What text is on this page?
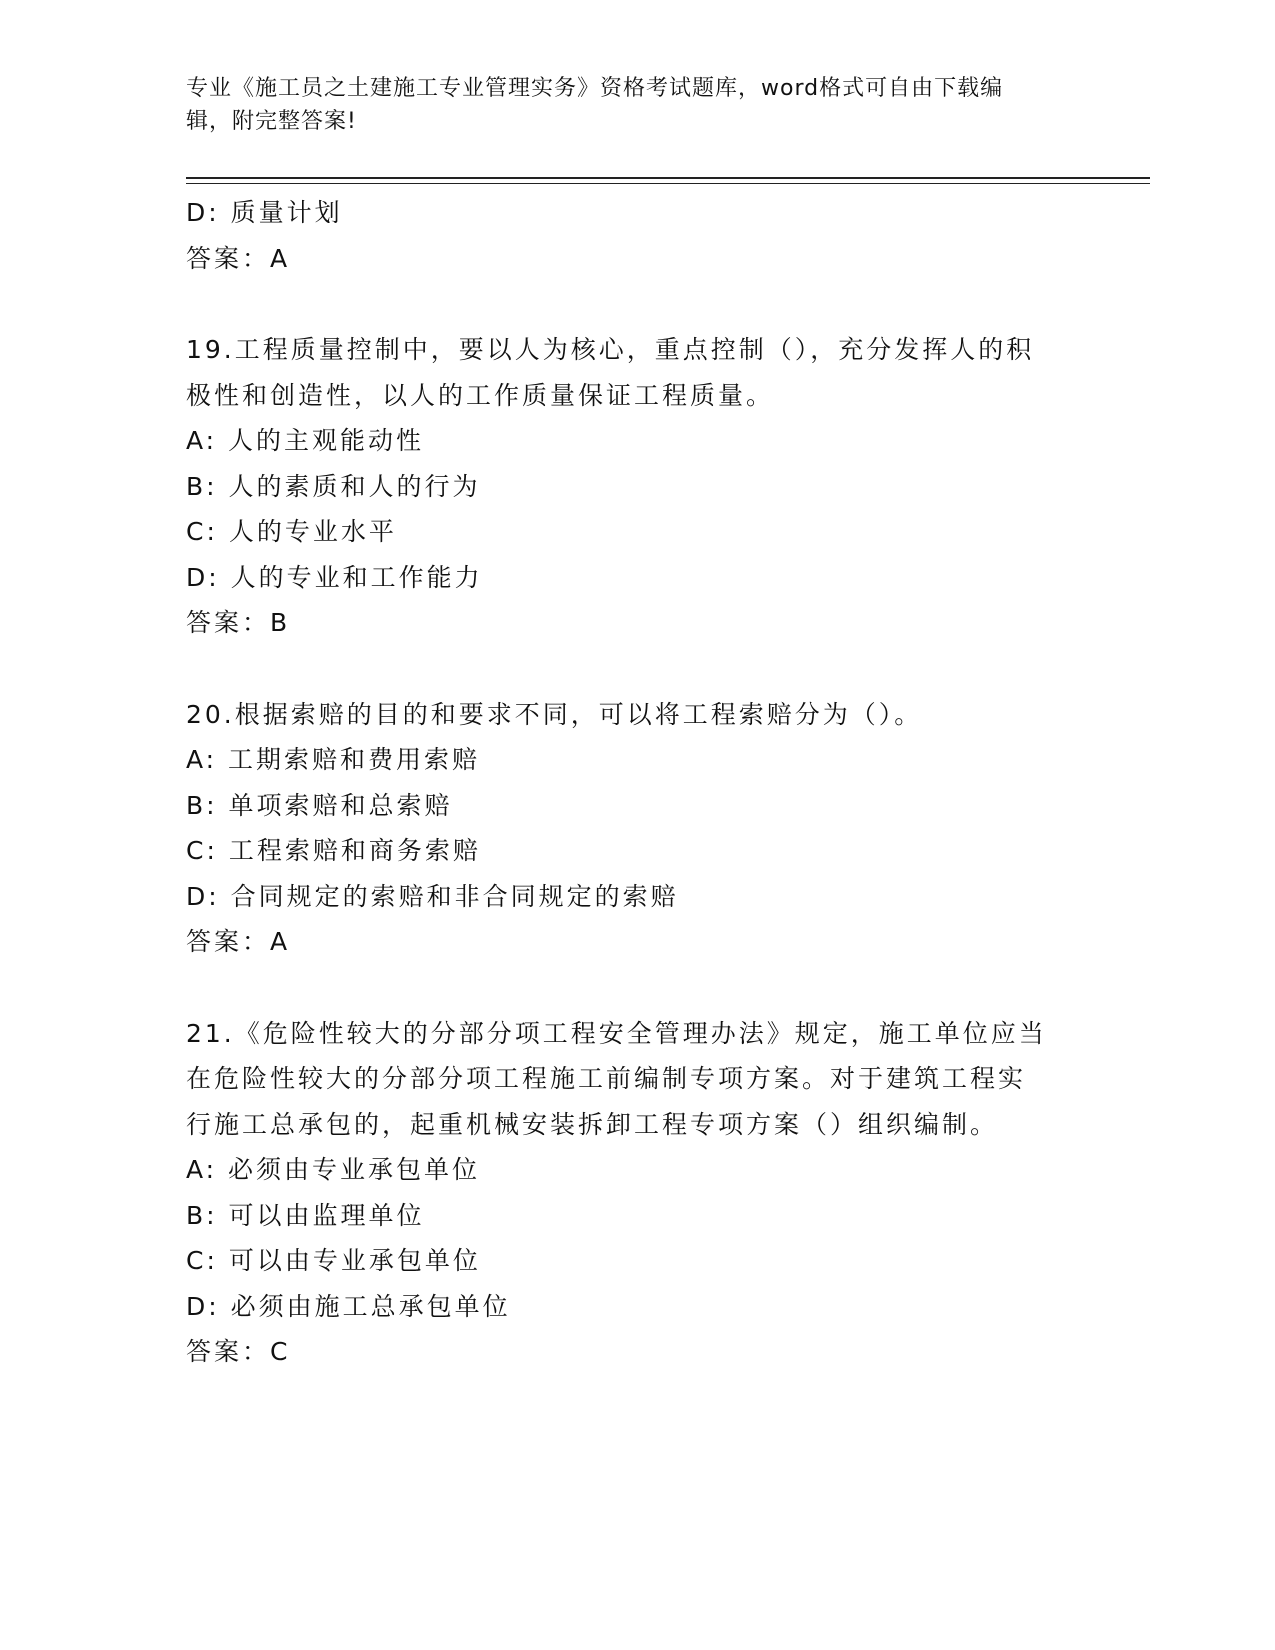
专业《施工员之土建施工专业管理实务》资格考试题库，word格式可自由下载编
辑，附完整答案!
D: 质量计划
答案：A
19.工程质量控制中，要以人为核心，重点控制（），充分发挥人的积
极性和创造性，以人的工作质量保证工程质量。
A: 人的主观能动性
B: 人的素质和人的行为
C: 人的专业水平
D: 人的专业和工作能力
答案：B
20.根据索赔的目的和要求不同，可以将工程索赔分为（）。
A: 工期索赔和费用索赔
B: 单项索赔和总索赔
C: 工程索赔和商务索赔
D: 合同规定的索赔和非合同规定的索赔
答案：A
21.《危险性较大的分部分项工程安全管理办法》规定，施工单位应当
在危险性较大的分部分项工程施工前编制专项方案。对于建筑工程实
行施工总承包的，起重机械安装拆卸工程专项方案（）组织编制。
A: 必须由专业承包单位
B: 可以由监理单位
C: 可以由专业承包单位
D: 必须由施工总承包单位
答案：C
